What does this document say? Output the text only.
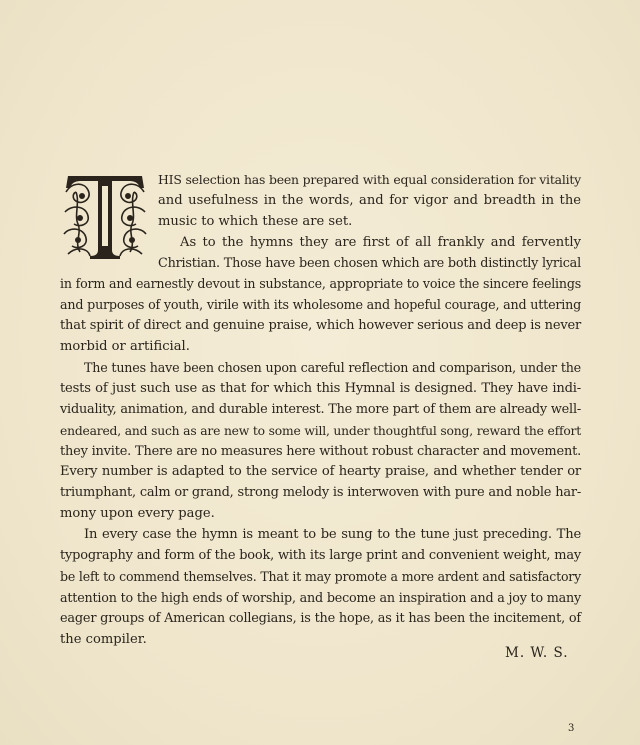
HIS selection has been prepared with equal consideration for vitality
and usefulness in the words, and for vigor and breadth in the
music to which these are set.
As to the hymns they are first of all frankly and fervently
Christian. Those have been chosen which are both distinctly lyrical
in form and earnestly devout in substance, appropriate to voice the sincere feelings
and purposes of youth, virile with its wholesome and hopeful courage, and uttering
that spirit of direct and genuine praise, which however serious and deep is never
morbid or artificial.
The tunes have been chosen upon careful reflection and comparison, under the
tests of just such use as that for which this Hymnal is designed. They have indi-
viduality, animation, and durable interest. The more part of them are already well-
endeared, and such as are new to some will, under thoughtful song, reward the effort
they invite. There are no measures here without robust character and movement.
Every number is adapted to the service of hearty praise, and whether tender or
triumphant, calm or grand, strong melody is interwoven with pure and noble har-
mony upon every page.
In every case the hymn is meant to be sung to the tune just preceding. The
typography and form of the book, with its large print and convenient weight, may
be left to commend themselves. That it may promote a more ardent and satisfactory
attention to the high ends of worship, and become an inspiration and a joy to many
eager groups of American collegians, is the hope, as it has been the incitement, of
the compiler.
M. W. S.
3
